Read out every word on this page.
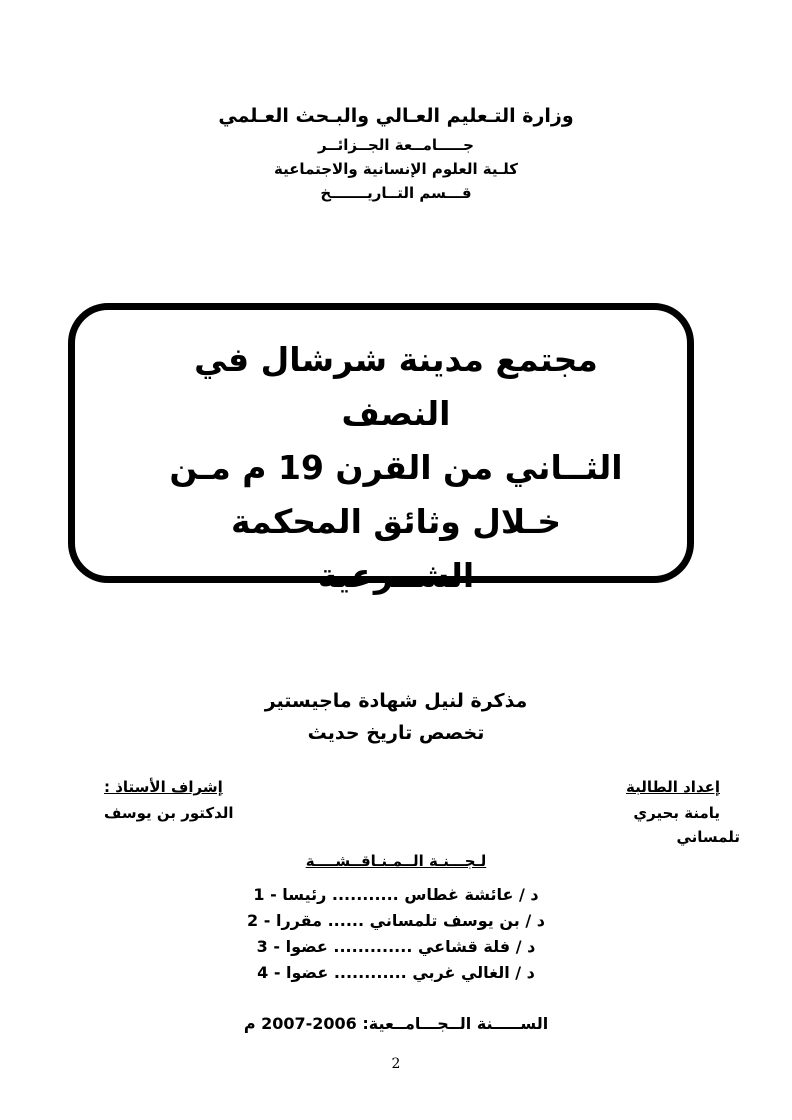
وزارة التـعليم العـالي والبـحث العـلمي
جـــــامــعة الجــزائــر
كلـية العلوم الإنسانية والاجتماعية
قـــسم التــاريـــــــخ
مجتمع مدينة شرشال في
النصف
الثــاني من القرن 19 م مـن
خـلال وثائق المحكمة
الشــرعية
مذكرة لنيل شهادة ماجيستير
تخصص تاريخ حديث
إعداد الطالبة
يامنة بحيري
تلمساني
إشراف الأستاذ :
الدكتور بن يوسف
لـجـــنـة الــمـنـاقــشــــة
د / عائشة غطاس ........... رئيسا - 1
د / بن يوسف تلمساني ...... مقررا - 2
د / فلة قشاعي ............. عضوا - 3
د / الغالي غربي ............ عضوا - 4
الســـــنة الــجـــامــعية: 2006-2007 م
2
